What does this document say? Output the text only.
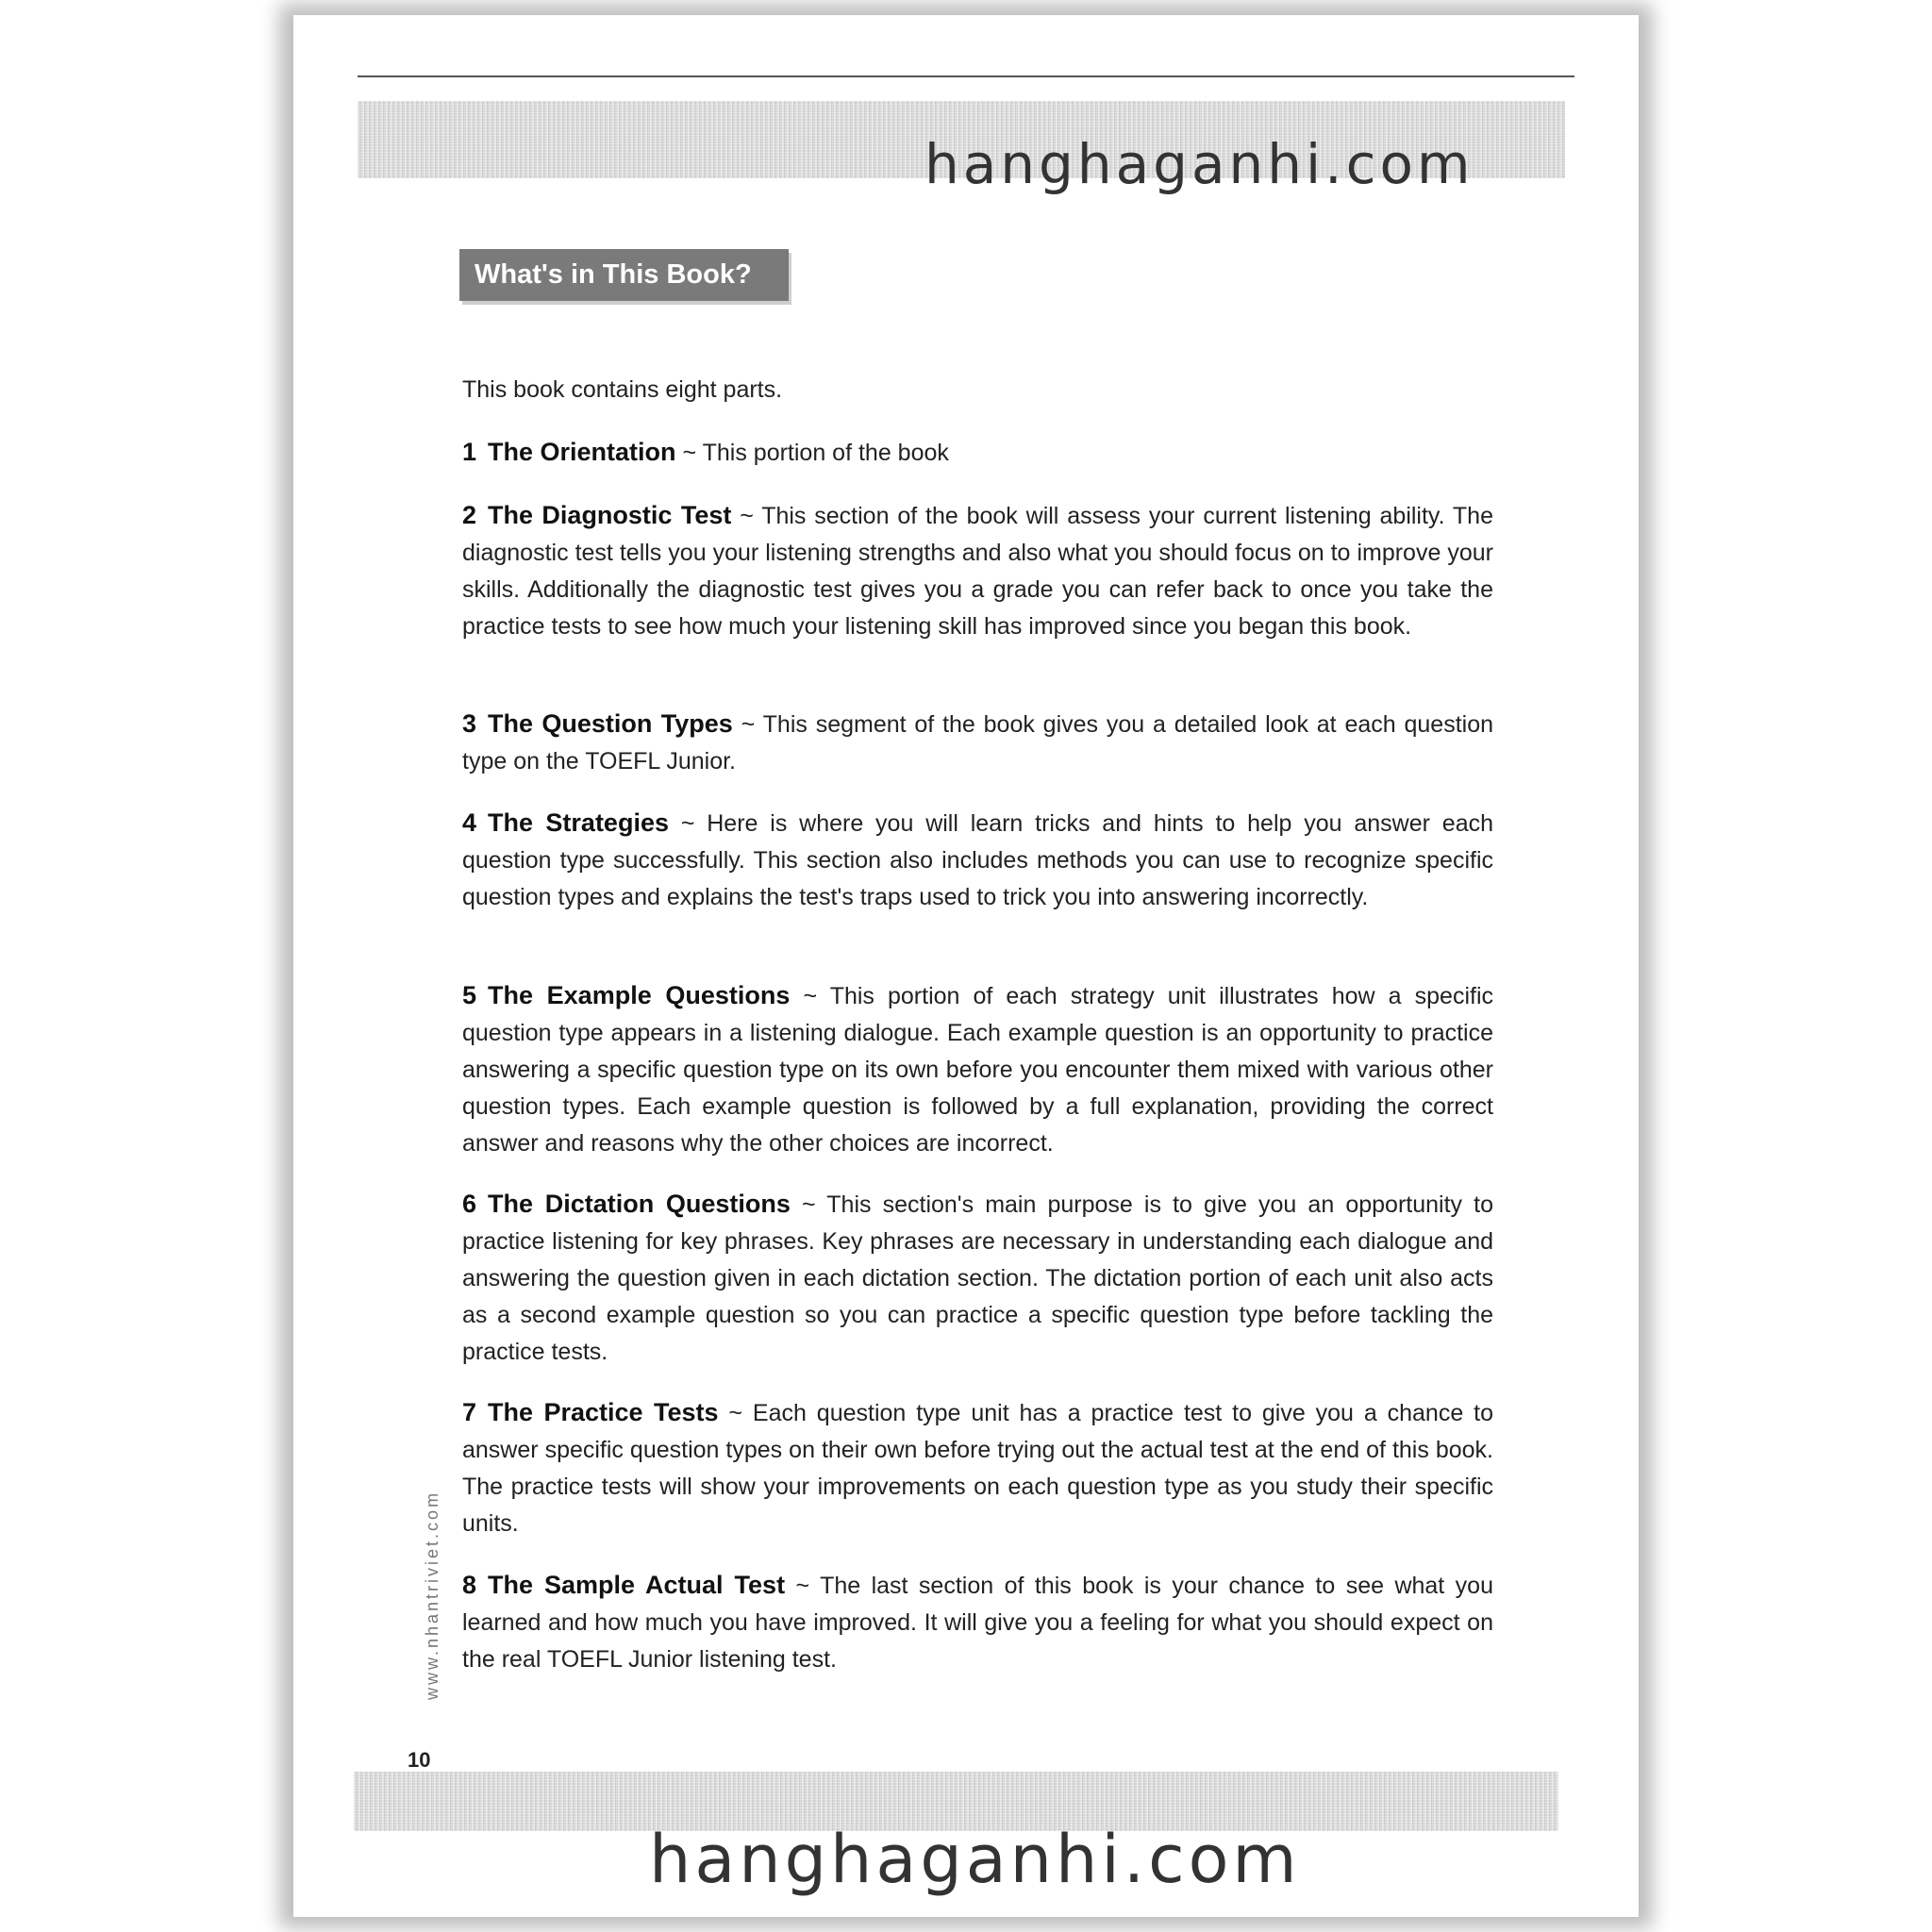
hanghaganhi.com
What's in This Book?
This book contains eight parts.
1 The Orientation ~ This portion of the book
2 The Diagnostic Test ~ This section of the book will assess your current listening ability. The diagnostic test tells you your listening strengths and also what you should focus on to improve your skills. Additionally the diagnostic test gives you a grade you can refer back to once you take the practice tests to see how much your listening skill has improved since you began this book.
3 The Question Types ~ This segment of the book gives you a detailed look at each question type on the TOEFL Junior.
4 The Strategies ~ Here is where you will learn tricks and hints to help you answer each question type successfully. This section also includes methods you can use to recognize specific question types and explains the test's traps used to trick you into answering incorrectly.
5 The Example Questions ~ This portion of each strategy unit illustrates how a specific question type appears in a listening dialogue. Each example question is an opportunity to practice answering a specific question type on its own before you encounter them mixed with various other question types. Each example question is followed by a full explanation, providing the correct answer and reasons why the other choices are incorrect.
6 The Dictation Questions ~ This section's main purpose is to give you an opportunity to practice listening for key phrases. Key phrases are necessary in understanding each dialogue and answering the question given in each dictation section. The dictation portion of each unit also acts as a second example question so you can practice a specific question type before tackling the practice tests.
7 The Practice Tests ~ Each question type unit has a practice test to give you a chance to answer specific question types on their own before trying out the actual test at the end of this book. The practice tests will show your improvements on each question type as you study their specific units.
8 The Sample Actual Test ~ The last section of this book is your chance to see what you learned and how much you have improved. It will give you a feeling for what you should expect on the real TOEFL Junior listening test.
10
www.nhantriviet.com
hanghaganhi.com
